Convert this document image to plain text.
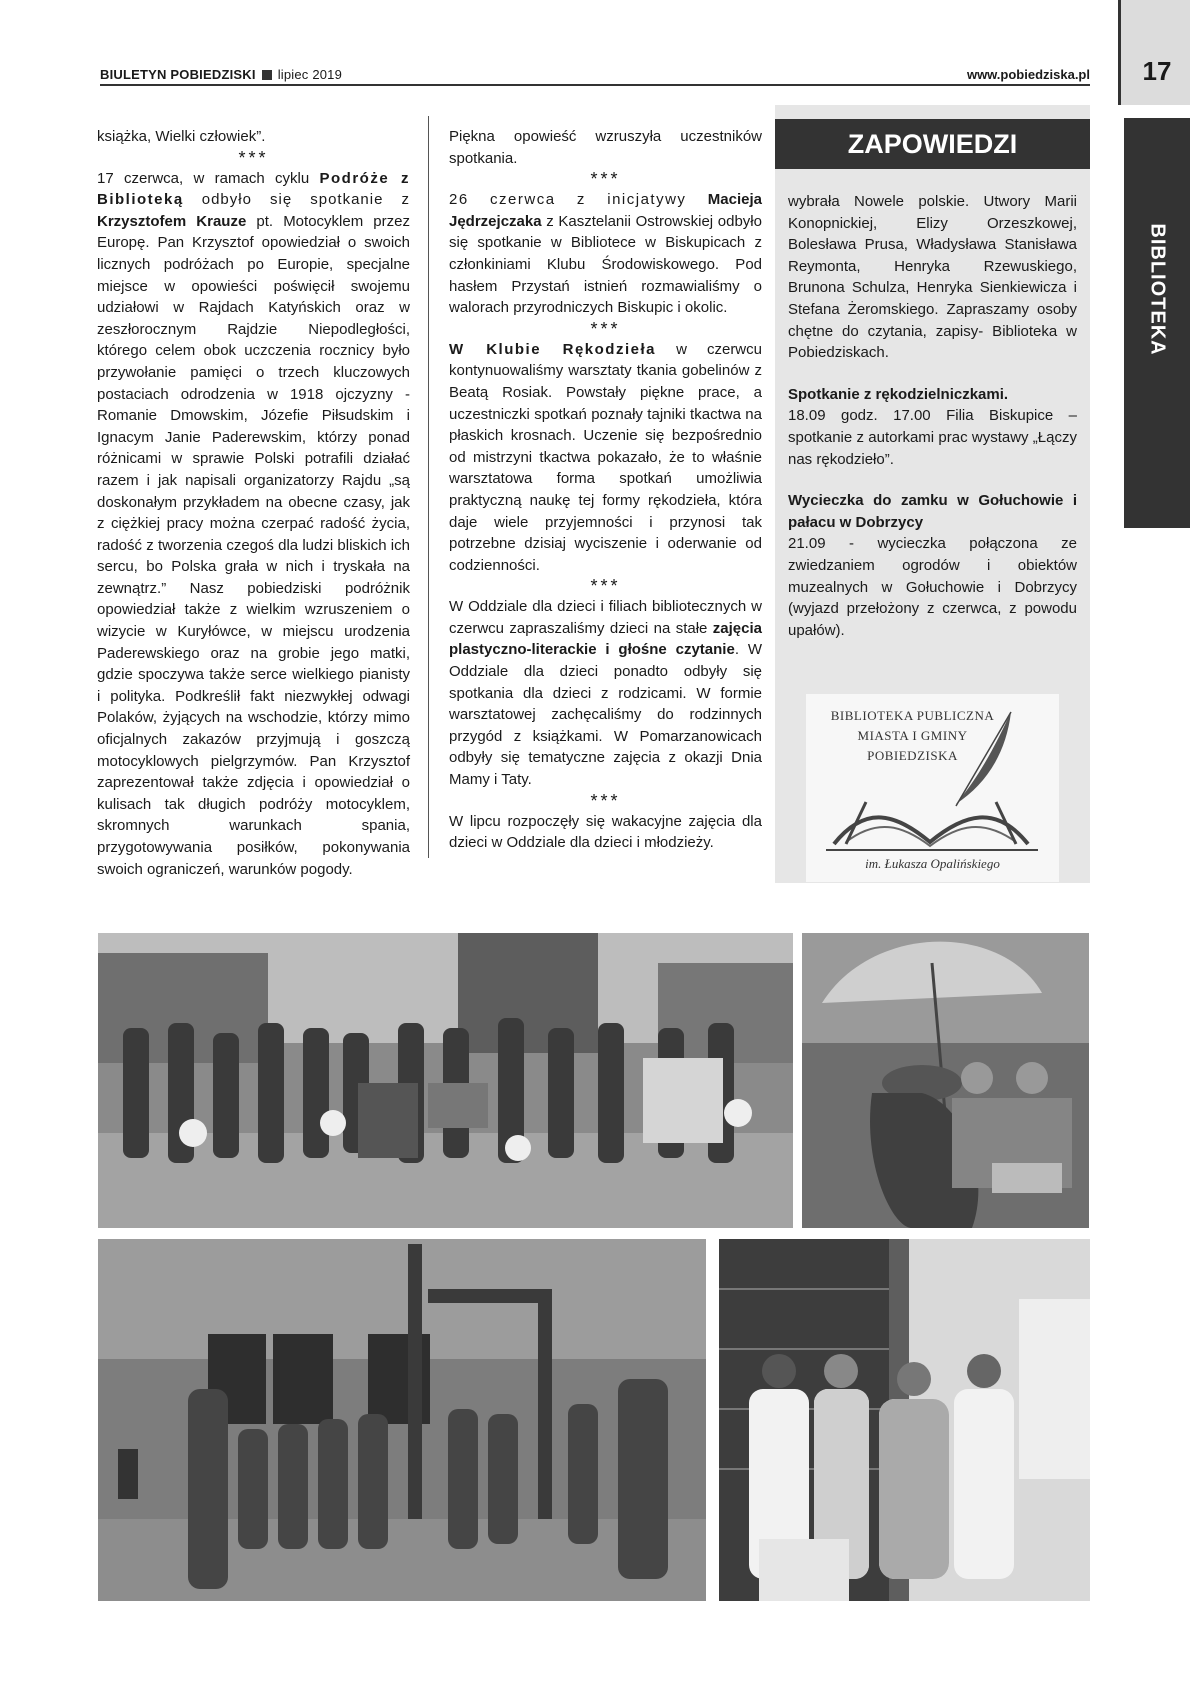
BIULETYN POBIEDZISKI lipiec 2019	www.pobiedziska.pl	17
BIBLIOTEKA

książka, Wielki człowiek”.

***

17 czerwca, w ramach cyklu Podróże z Biblioteką odbyło się spotkanie z Krzysztofem Krauze pt. Motocyklem przez Europę. Pan Krzysztof opowiedział o swoich licznych podróżach po Europie, specjalne miejsce w opowieści poświęcił swojemu udziałowi w Rajdach Katyńskich oraz w zeszłorocznym Rajdzie Niepodległości, którego celem obok uczczenia rocznicy było przywołanie pamięci o trzech kluczowych postaciach odrodzenia w 1918 ojczyzny - Romanie Dmowskim, Józefie Piłsudskim i Ignacym Janie Paderewskim, którzy ponad różnicami w sprawie Polski potrafili działać razem i jak napisali organizatorzy Rajdu „są doskonałym przykładem na obecne czasy, jak z ciężkiej pracy można czerpać radość życia, radość z tworzenia czegoś dla ludzi bliskich ich sercu, bo Polska grała w nich i tryskała na zewnątrz.” Nasz pobiedziski podróżnik opowiedział także z wielkim wzruszeniem o wizycie w Kuryłówce, w miejscu urodzenia Paderewskiego oraz na grobie jego matki, gdzie spoczywa także serce wielkiego pianisty i polityka. Podkreślił fakt niezwykłej odwagi Polaków, żyjących na wschodzie, którzy mimo oficjalnych zakazów przyjmują i goszczą motocyklowych pielgrzymów. Pan Krzysztof zaprezentował także zdjęcia i opowiedział o kulisach tak długich podróży motocyklem, skromnych warunkach spania, przygotowywania posiłków, pokonywania swoich ograniczeń, warunków pogody.

Piękna opowieść wzruszyła uczestników spotkania.

***

26 czerwca z inicjatywy Macieja Jędrzejczaka z Kasztelanii Ostrowskiej odbyło się spotkanie w Bibliotece w Biskupicach z członkiniami Klubu Środowiskowego. Pod hasłem Przystań istnień rozmawialiśmy o walorach przyrodniczych Biskupic i okolic.

***

W Klubie Rękodzieła w czerwcu kontynuowaliśmy warsztaty tkania gobelinów z Beatą Rosiak. Powstały piękne prace, a uczestniczki spotkań poznały tajniki tkactwa na płaskich krosnach. Uczenie się bezpośrednio od mistrzyni tkactwa pokazało, że to właśnie warsztatowa forma spotkań umożliwia praktyczną naukę tej formy rękodzieła, która daje wiele przyjemności i przynosi tak potrzebne dzisiaj wyciszenie i oderwanie od codzienności.

***

W Oddziale dla dzieci i filiach bibliotecznych w czerwcu zapraszaliśmy dzieci na stałe zajęcia plastyczno-literackie i głośne czytanie. W Oddziale dla dzieci ponadto odbyły się spotkania dla dzieci z rodzicami. W formie warsztatowej zachęcaliśmy do rodzinnych przygód z książkami. W Pomarzanowicach odbyły się tematyczne zajęcia z okazji Dnia Mamy i Taty.

***

W lipcu rozpoczęły się wakacyjne zajęcia dla dzieci w Oddziale dla dzieci i młodzieży.

ZAPOWIEDZI

wybrała Nowele polskie. Utwory Marii Konopnickiej, Elizy Orzeszkowej, Bolesława Prusa, Władysława Stanisława Reymonta, Henryka Rzewuskiego, Brunona Schulza, Henryka Sienkiewicza i Stefana Żeromskiego. Zapraszamy osoby chętne do czytania, zapisy- Biblioteka w Pobiedziskach.

Spotkanie z rękodzielniczkami.

18.09 godz. 17.00 Filia Biskupice – spotkanie z autorkami prac wystawy „Łączy nas rękodzieło”.

Wycieczka do zamku w Gołuchowie i pałacu w Dobrzycy

21.09 - wycieczka połączona ze zwiedzaniem ogrodów i obiektów muzealnych w Gołuchowie i Dobrzycy (wyjazd przełożony z czerwca, z powodu upałów).

BIBLIOTEKA PUBLICZNA
MIASTA I GMINY
POBIEDZISKA
im. Łukasza Opalińskiego
